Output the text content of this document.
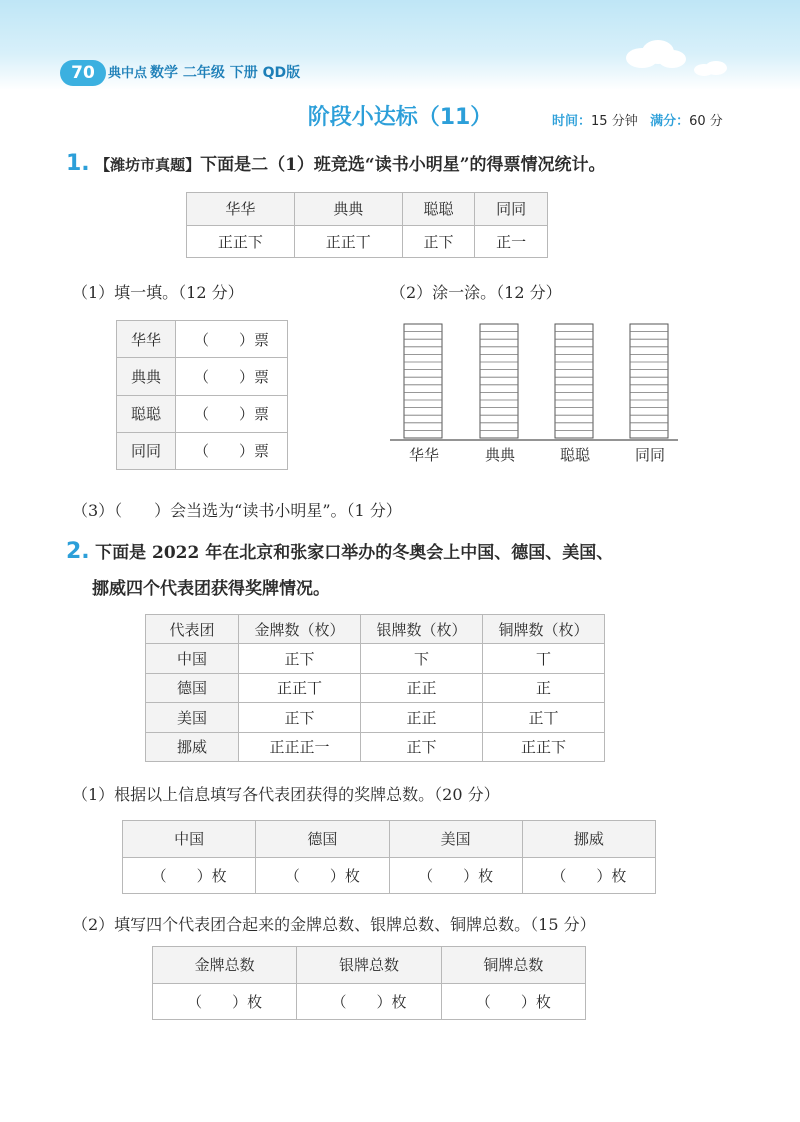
70	典中点 数学 二年级 下册 QD版
阶段小达标（11）	时间：15 分钟 满分：60 分
1. 【潍坊市真题】下面是二（1）班竞选“读书小明星”的得票情况统计。
华华	典典	聪聪	同同
正正下	正正丅	正下	正一
（1）填一填。（12 分）	（2）涂一涂。（12 分）
华华	（　　）票
典典	（　　）票
聪聪	（　　）票
同同	（　　）票	华华	典典	聪聪	同同
（3）（　　）会当选为“读书小明星”。（1 分）
2. 下面是 2022 年在北京和张家口举办的冬奥会上中国、德国、美国、
挪威四个代表团获得奖牌情况。
代表团	金牌数（枚）	银牌数（枚）	铜牌数（枚）
中国	正下	下	丅
德国	正正丅	正正	正
美国	正下	正正	正丅
挪威	正正正一	正下	正正下
（1）根据以上信息填写各代表团获得的奖牌总数。（20 分）
中国	德国	美国	挪威
（　　）枚	（　　）枚	（　　）枚	（　　）枚
（2）填写四个代表团合起来的金牌总数、银牌总数、铜牌总数。（15 分）
金牌总数	银牌总数	铜牌总数
（　　）枚	（　　）枚	（　　）枚
